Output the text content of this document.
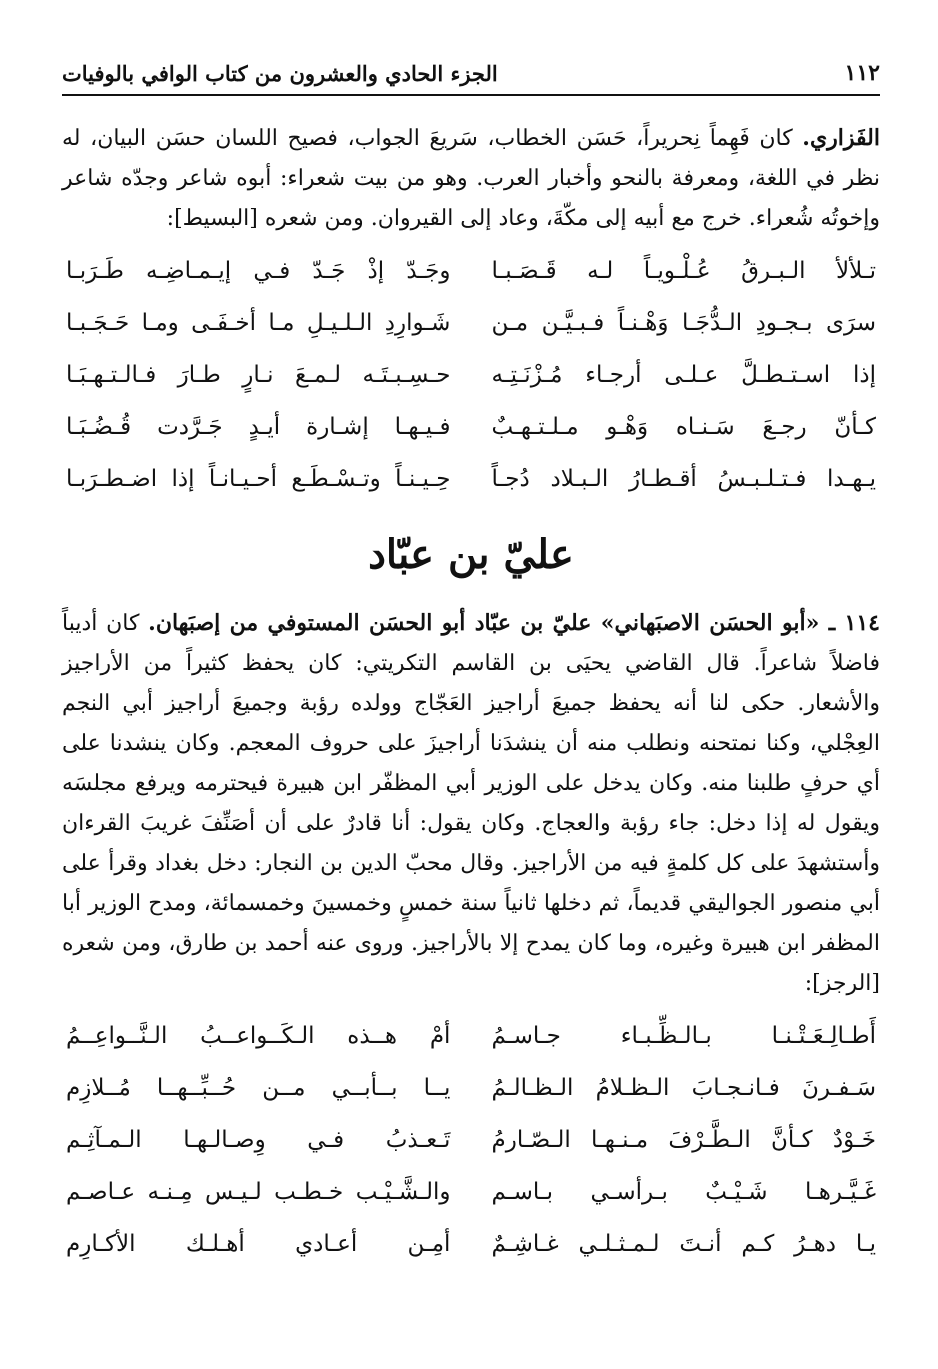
١١٢
الجزء الحادي والعشرون من كتاب الوافي بالوفيات

الفَزاري. كان فَهِماً نِحريراً، حَسَن الخطاب، سَريعَ الجواب، فصيح اللسان حسَن البيان، له نظر في اللغة، ومعرفة بالنحو وأخبار العرب. وهو من بيت شعراء: أبوه شاعر وجدّه شاعر وإخوتُه شُعراء. خرج مع أبيه إلى مكّةَ، وعاد إلى القيروان. ومن شعره [البسيط]:

تـلألأ الـبـرقُ عُـلْـويـاً لـه قَـصَـبـا
وجَـدّ إذْ جَـدّ فـي إيـمـاضِـه طَـرَبـا
سرَى بـجـودِ الـدُّجَـا وَهْـنـاً فـبـيَّـن مـن
شَـوارِدِ الـلـيـلِ مـا أخـفَـى ومـا حَـجَـبـا
إذا اسـتـطـلَّ عـلـى أرجـاء مُـزْنَـتِـه
حـسِـبـتَـه لـمـعَ نـارٍ طـارَ فـالـتـهـبَـا
كـأنّ رجـعَ سَـنـاه وَهْـو مـلـتـهـبٌ
فـيـهـا إشـارة أيـدٍ جَـرَّدت قُـضُـبَـا
يـهـدا فـتـلـبـسُ أقـطـارُ الـبـلاد دُجـاً
حِـيـنـاً وتـسْـطَـع أحـيـانـاً إذا اضـطـرَبـا
عليّ بن عبّاد

١١٤ ـ «أبو الحسَن الاصبَهاني» عليّ بن عبّاد أبو الحسَن المستوفي من إصبَهان. كان أديباً فاضلاً شاعراً. قال القاضي يحيَى بن القاسم التكريتي: كان يحفظ كثيراً من الأراجيز والأشعار. حكى لنا أنه يحفظ جميعَ أراجيز العَجّاج وولده رؤبة وجميعَ أراجيز أبي النجم العِجْلي، وكنا نمتحنه ونطلب منه أن ينشدَنا أراجيزَ على حروف المعجم. وكان ينشدنا على أي حرفٍ طلبنا منه. وكان يدخل على الوزير أبي المظفّر ابن هبيرة فيحترمه ويرفع مجلسَه ويقول له إذا دخل: جاء رؤبة والعجاج. وكان يقول: أنا قادرٌ على أن أصَنِّفَ غريبَ القرءان وأستشهدَ على كل كلمةٍ فيه من الأراجيز. وقال محبّ الدين بن النجار: دخل بغداد وقرأ على أبي منصور الجواليقي قديماً، ثم دخلها ثانياً سنة خمسٍ وخمسينَ وخمسمائة، ومدح الوزير أبا المظفر ابن هبيرة وغيره، وما كان يمدح إلا بالأراجيز. وروى عنه أحمد بن طارق، ومن شعره [الرجز]:

أَطـالِـعَـتْـنـا بـالـظِّـبـاء جـاسـمُ
أمْ هــذه الـكَــواعــبُ الـنَّــواعِــمُ
سَـفـرنَ فـانـجـابَ الـظـلامُ الـظـالـمُ
يــا بــأبــي مــن حُــبِّــهــا مُــلازِم
خَـوْدٌ كـأنَّ الـطَّـرْفَ مـنـهـا الـصّـارمُ
تَـعـذبُ فـي وِصـالـهـا الـمـآثِـم
غَـيَّـرهـا شَـيْـبٌ بـرأسـي بـاسـم
والـشَّـيْـب خـطـب لـيـس مِـنـه عـاصـم
يـا دهـرُ كـم أنـتَ لـمـثـلـي غـاشِـمٌ
أمِـن أعـادي أهـلـك الأكـارِم
